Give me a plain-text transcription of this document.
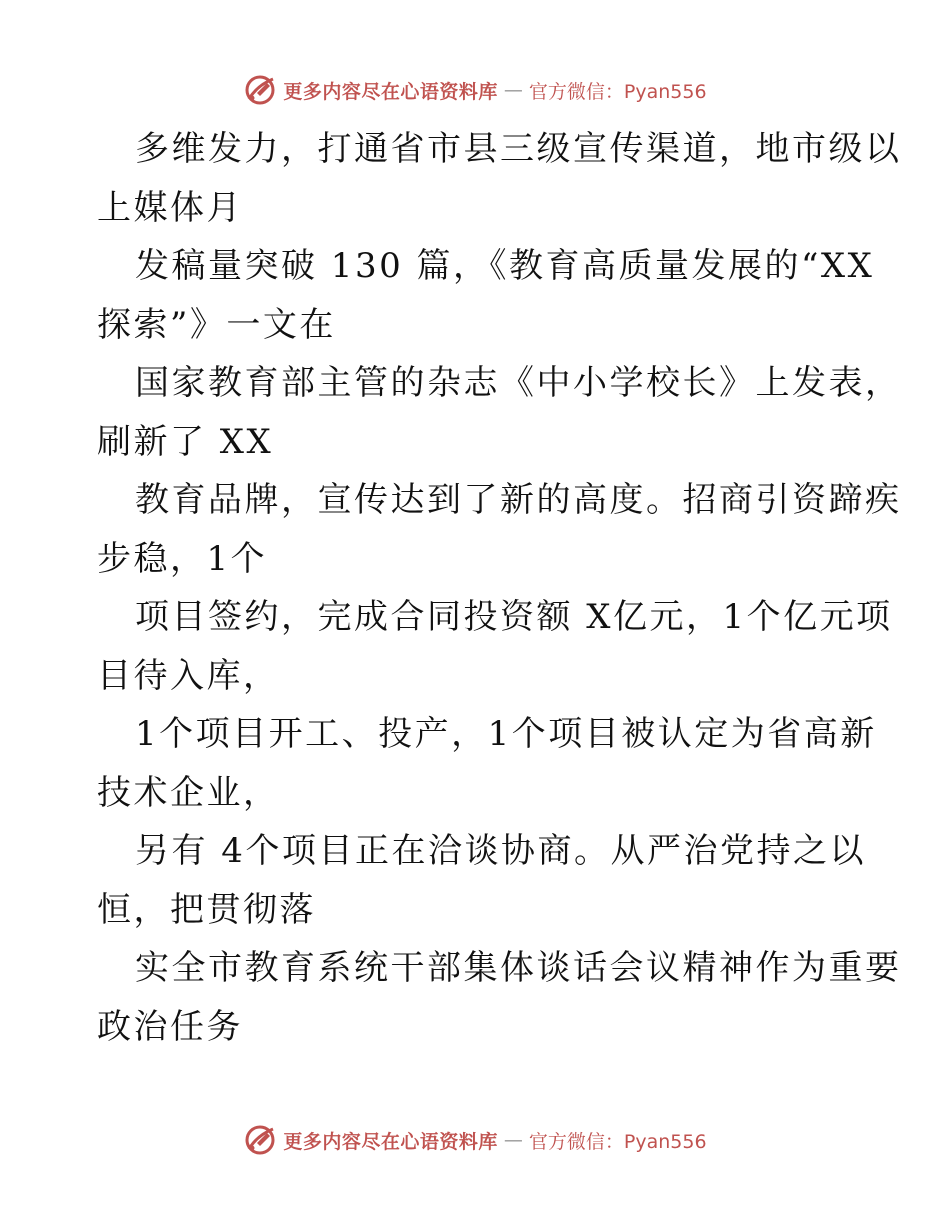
更多内容尽在心语资料库 — 官方微信：Pyan556
多维发力，打通省市县三级宣传渠道，地市级以
上媒体月
发稿量突破 130 篇，《教育高质量发展的“XX
探索”》一文在
国家教育部主管的杂志《中小学校长》上发表，
刷新了 XX
教育品牌，宣传达到了新的高度。招商引资蹄疾
步稳，1个
项目签约，完成合同投资额 X亿元，1个亿元项
目待入库，
1个项目开工、投产，1个项目被认定为省高新
技术企业，
另有 4个项目正在洽谈协商。从严治党持之以
恒，把贯彻落
实全市教育系统干部集体谈话会议精神作为重要
政治任务
更多内容尽在心语资料库 — 官方微信：Pyan556
